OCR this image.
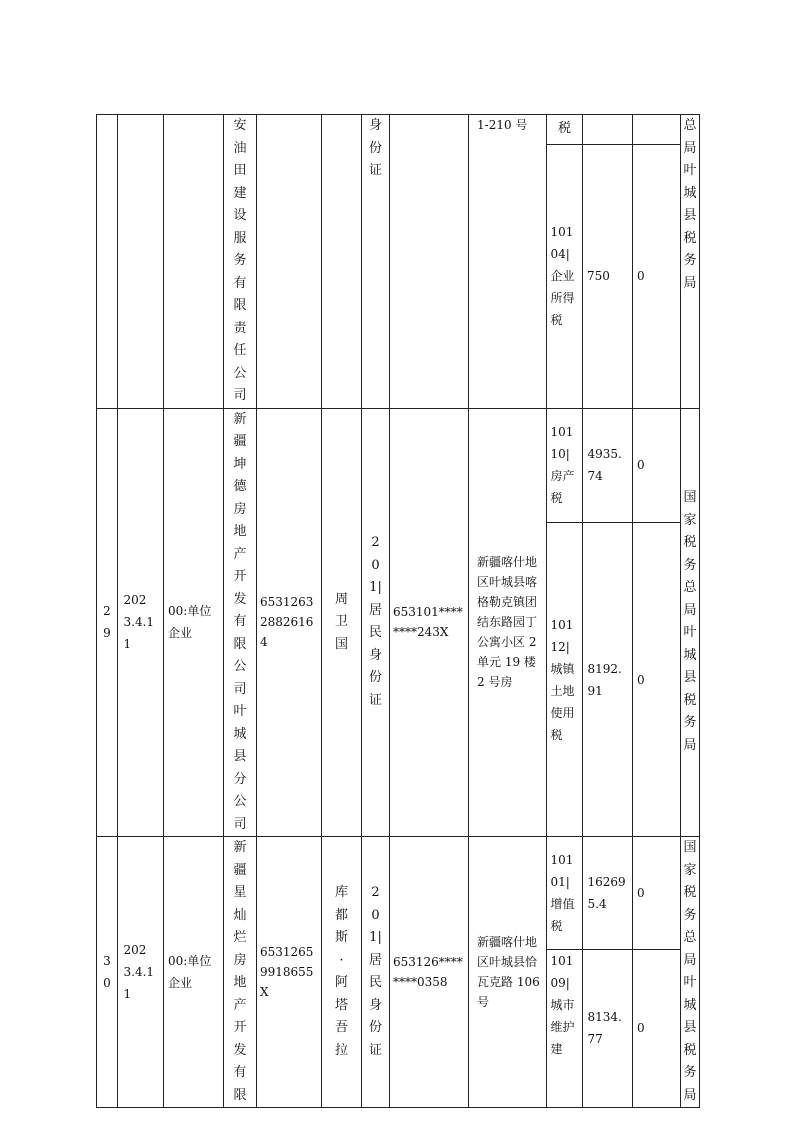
			安油田建设服务有限责任公司			身份证		1-210 号	税			总局叶城县税务局

									10104|企业所得税	750	0	

29	2023.4.11	00:单位企业	新疆坤德房地产开发有限公司叶城县分公司	65312632882616 4	周卫国	201|居民身份证	653101********243X	新疆喀什地区叶城县喀格勒克镇团结东路园丁公寓小区 2 单元 19 楼 2 号房	10110|房产税	4935.74	0	国家税务总局叶城县税务局

									10112|城镇土地使用税	8192.91	0	

30	2023.4.11	00:单位企业	新疆星灿烂房地产开发有限	65312659918655X	库都斯·阿塔吾拉	201|居民身份证	653126********0358	新疆喀什地区叶城县恰瓦克路 106 号	10101|增值税	162695.4	0	国家税务总局叶城县税务局

									10109|城市维护建	8134.77	0	
